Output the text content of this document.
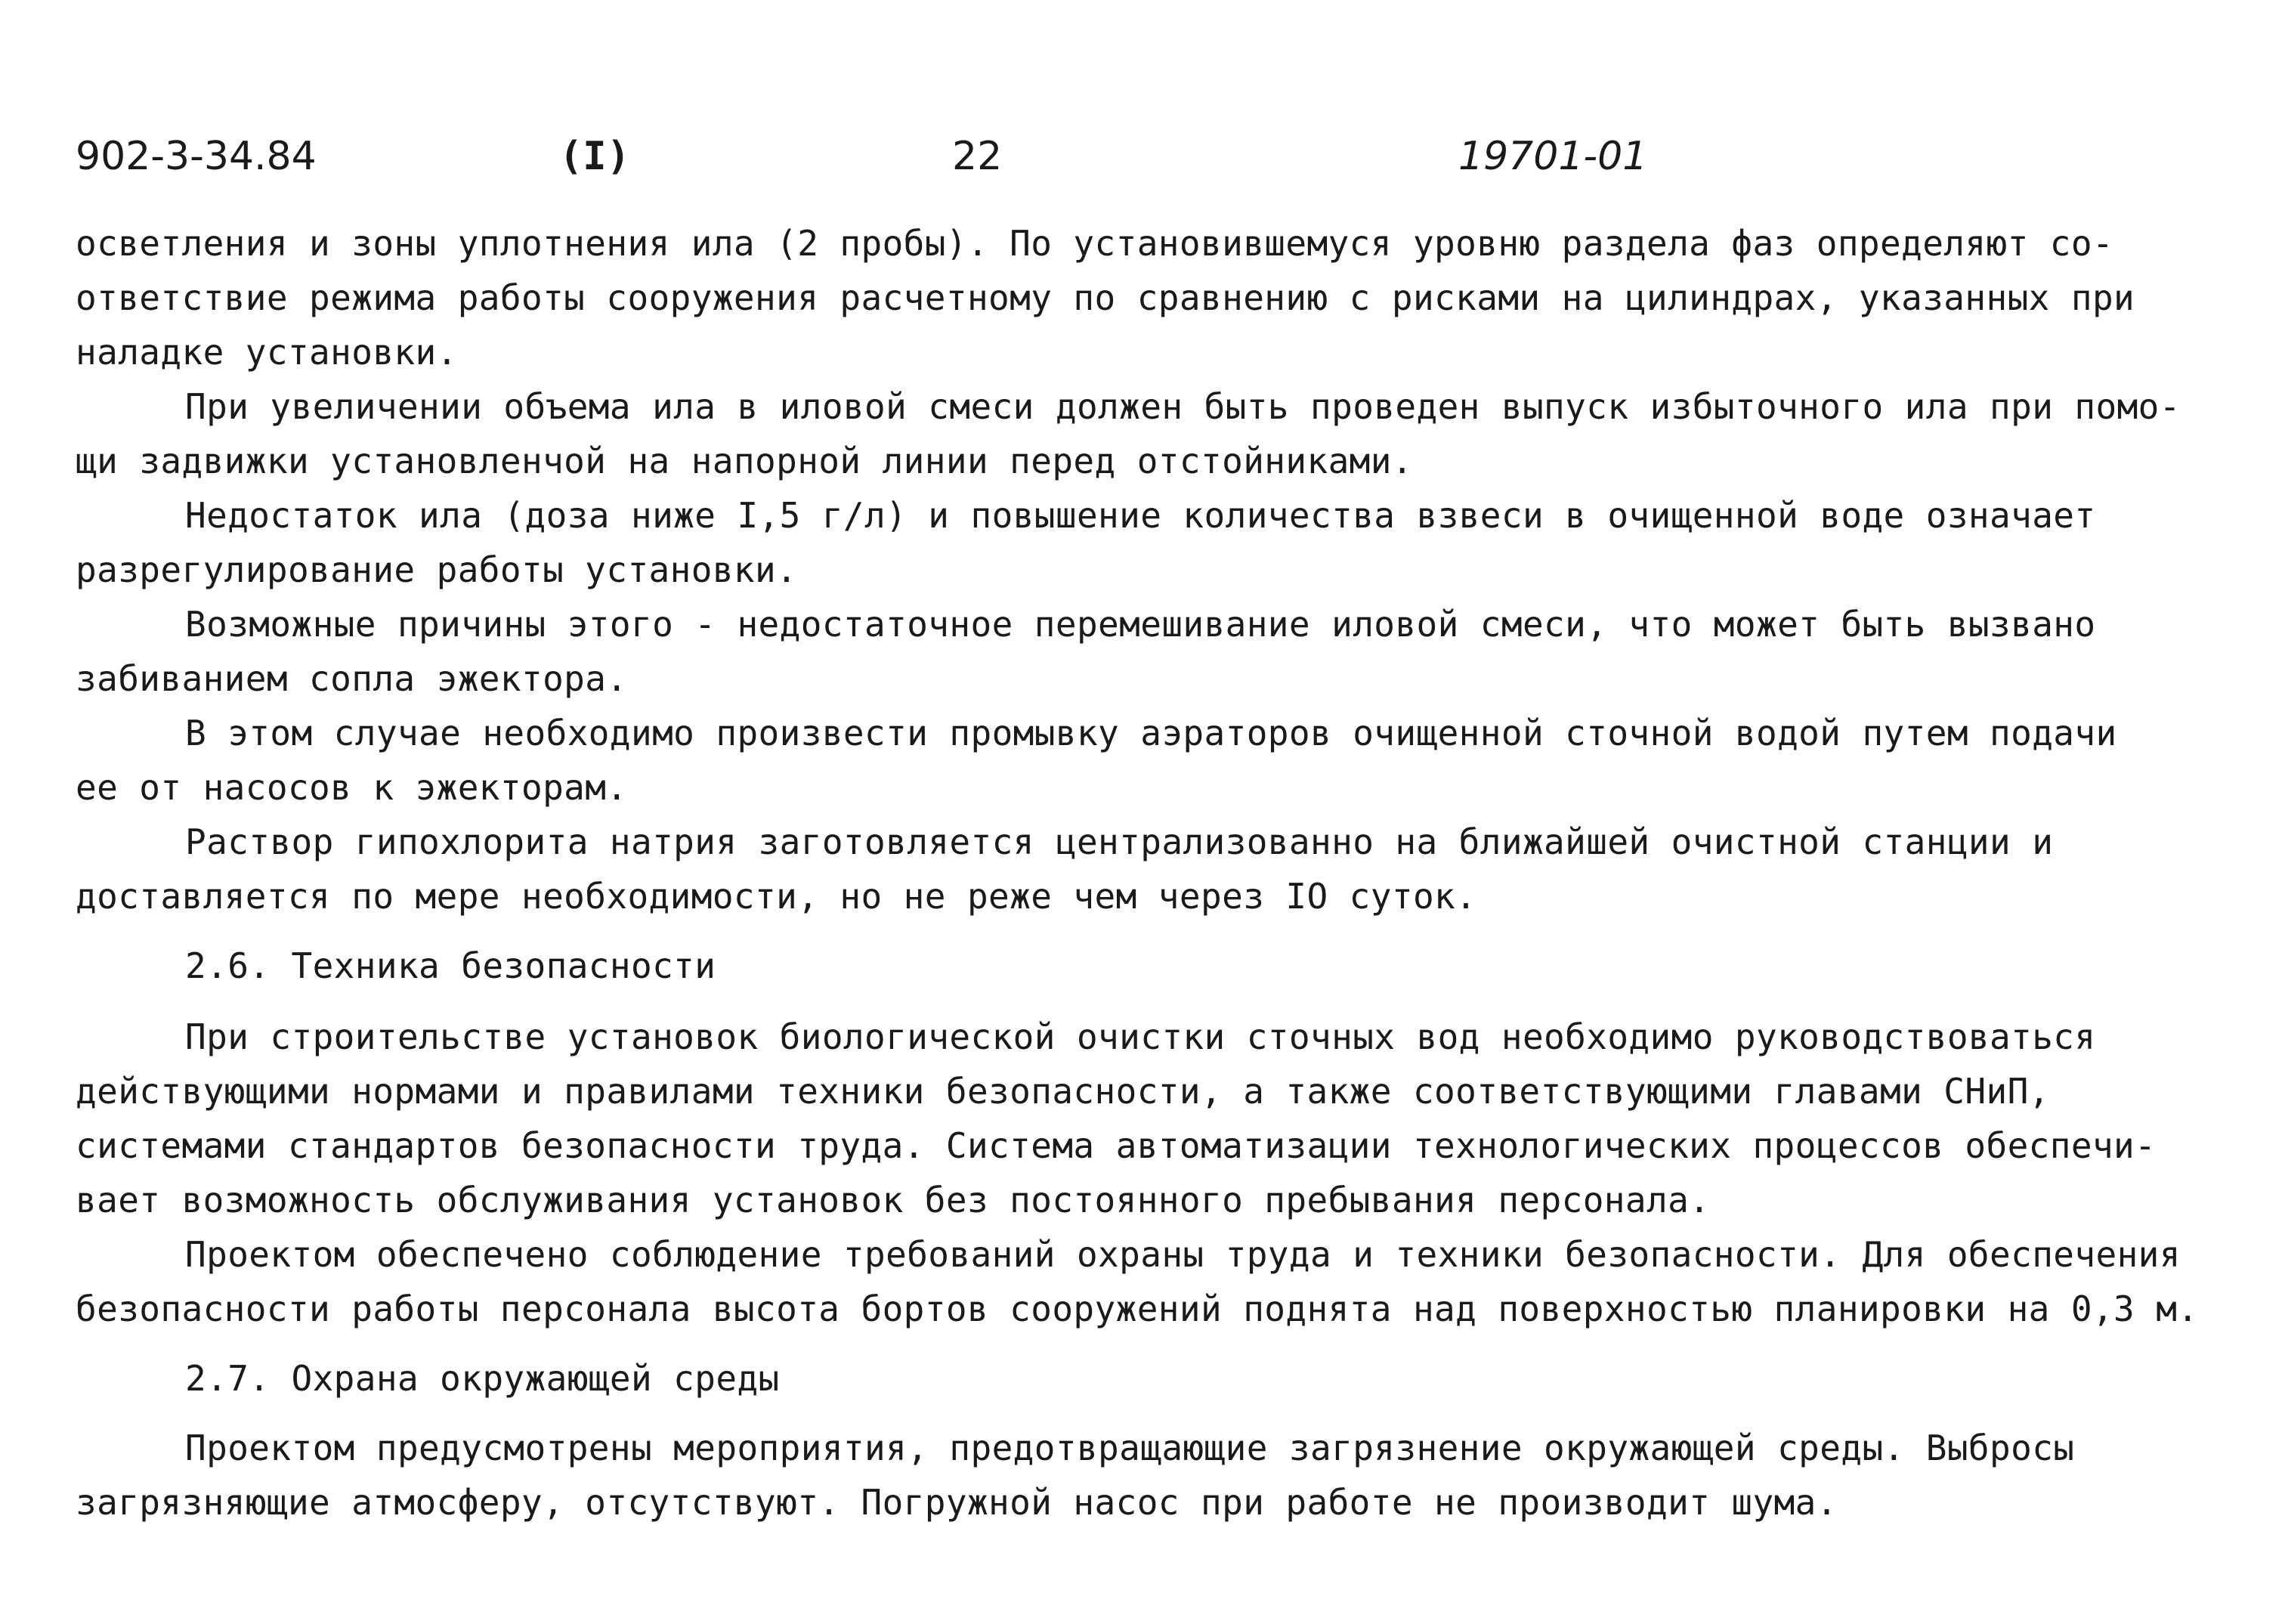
902-3-34.84	(I)	22	19701-01
осветления и зоны уплотнения ила (2 пробы). По установившемуся уровню раздела фаз определяют со-
ответствие режима работы сооружения расчетному по сравнению с рисками на цилиндрах, указанных при
наладке установки.
При увеличении объема ила в иловой смеси должен быть проведен выпуск избыточного ила при помо-
щи задвижки установленчой на напорной линии перед отстойниками.
Недостаток ила (доза ниже I,5 г/л) и повышение количества взвеси в очищенной воде означает
разрегулирование работы установки.
Возможные причины этого - недостаточное перемешивание иловой смеси, что может быть вызвано
забиванием сопла эжектора.
В этом случае необходимо произвести промывку аэраторов очищенной сточной водой путем подачи
ее от насосов к эжекторам.
Раствор гипохлорита натрия заготовляется централизованно на ближайшей очистной станции и
доставляется по мере необходимости, но не реже чем через IO суток.
2.6. Техника безопасности
При строительстве установок биологической очистки сточных вод необходимо руководствоваться
действующими нормами и правилами техники безопасности, а также соответствующими главами СНиП,
системами стандартов безопасности труда. Система автоматизации технологических процессов обеспечи-
вает возможность обслуживания установок без постоянного пребывания персонала.
Проектом обеспечено соблюдение требований охраны труда и техники безопасности. Для обеспечения
безопасности работы персонала высота бортов сооружений поднята над поверхностью планировки на 0,3 м.
2.7. Охрана окружающей среды
Проектом предусмотрены мероприятия, предотвращающие загрязнение окружающей среды. Выбросы
загрязняющие атмосферу, отсутствуют. Погружной насос при работе не производит шума.
